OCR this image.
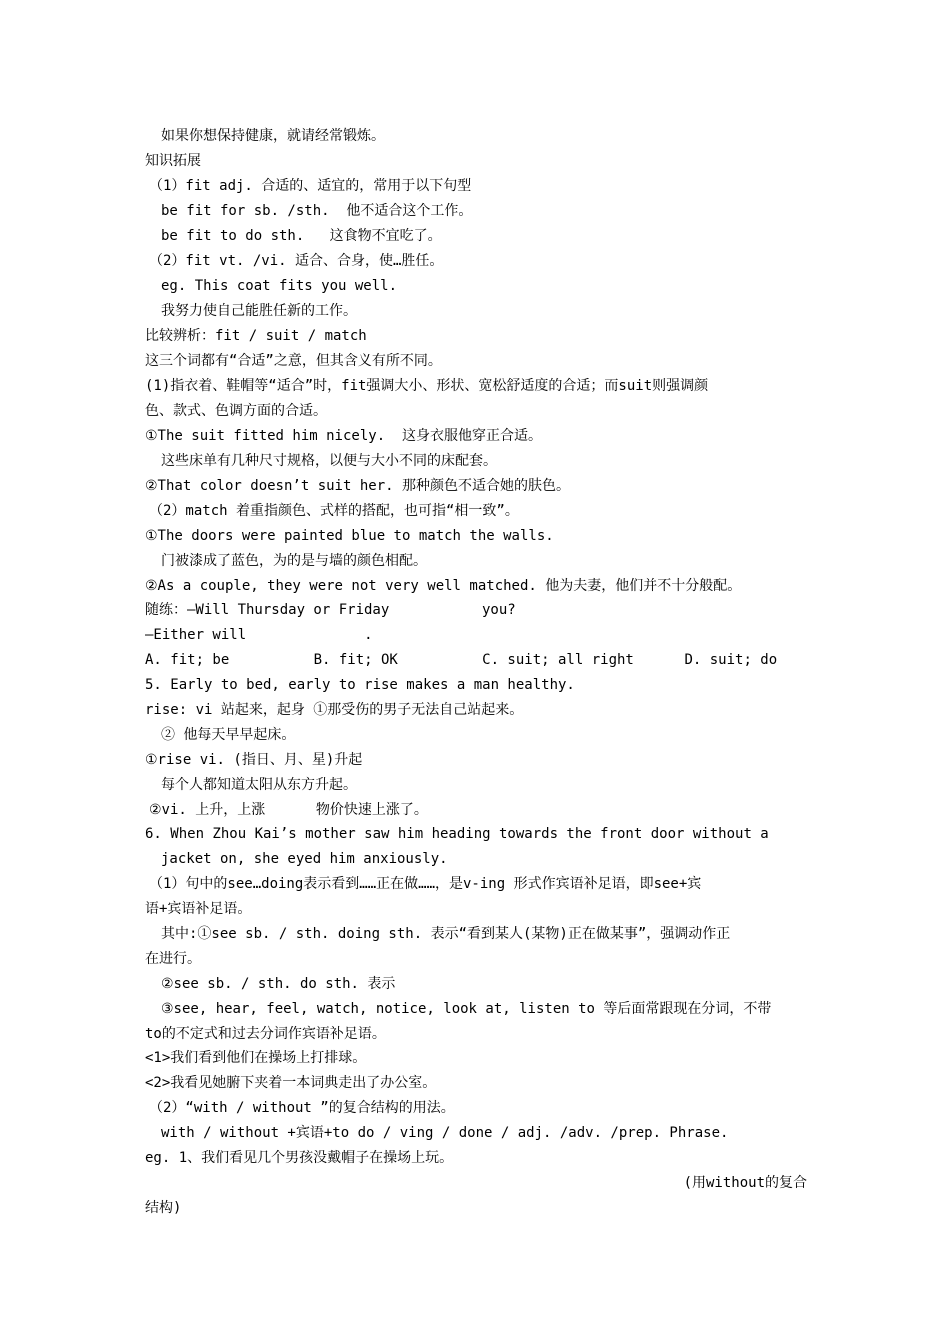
如果你想保持健康，就请经常锻炼。
知识拓展
（1）fit adj. 合适的、适宜的，常用于以下句型
be fit for sb. /sth.  他不适合这个工作。
be fit to do sth.   这食物不宜吃了。
（2）fit vt. /vi. 适合、合身，使…胜任。
eg. This coat fits you well.
我努力使自己能胜任新的工作。
比较辨析：fit / suit / match
这三个词都有“合适”之意，但其含义有所不同。
(1)指衣着、鞋帽等“适合”时，fit强调大小、形状、宽松舒适度的合适；而suit则强调颜
色、款式、色调方面的合适。
①The suit fitted him nicely.  这身衣服他穿正合适。
这些床单有几种尺寸规格，以便与大小不同的床配套。
②That color doesn’t suit her. 那种颜色不适合她的肤色。
（2）match 着重指颜色、式样的搭配，也可指“相一致”。
①The doors were painted blue to match the walls.
门被漆成了蓝色，为的是与墙的颜色相配。
②As a couple, they were not very well matched. 他为夫妻，他们并不十分般配。
随练：—Will Thursday or Friday           you?
—Either will              .
A. fit; be          B. fit; OK          C. suit; all right      D. suit; do
5. Early to bed, early to rise makes a man healthy.
rise: vi 站起来，起身 ①那受伤的男子无法自己站起来。
② 他每天早早起床。
①rise vi. (指日、月、星)升起
每个人都知道太阳从东方升起。
②vi. 上升，上涨      物价快速上涨了。
6. When Zhou Kai’s mother saw him heading towards the front door without a
jacket on, she eyed him anxiously.
（1）句中的see…doing表示看到……正在做……，是v-ing 形式作宾语补足语，即see+宾
语+宾语补足语。
其中:①see sb. / sth. doing sth. 表示“看到某人(某物)正在做某事”，强调动作正
在进行。
②see sb. / sth. do sth. 表示
③see, hear, feel, watch, notice, look at, listen to 等后面常跟现在分词，不带
to的不定式和过去分词作宾语补足语。
<1>我们看到他们在操场上打排球。
<2>我看见她腑下夹着一本词典走出了办公室。
（2）“with / without ”的复合结构的用法。
with / without +宾语+to do / ving / done / adj. /adv. /prep. Phrase.
eg. 1、我们看见几个男孩没戴帽子在操场上玩。
(用without的复合
结构)
